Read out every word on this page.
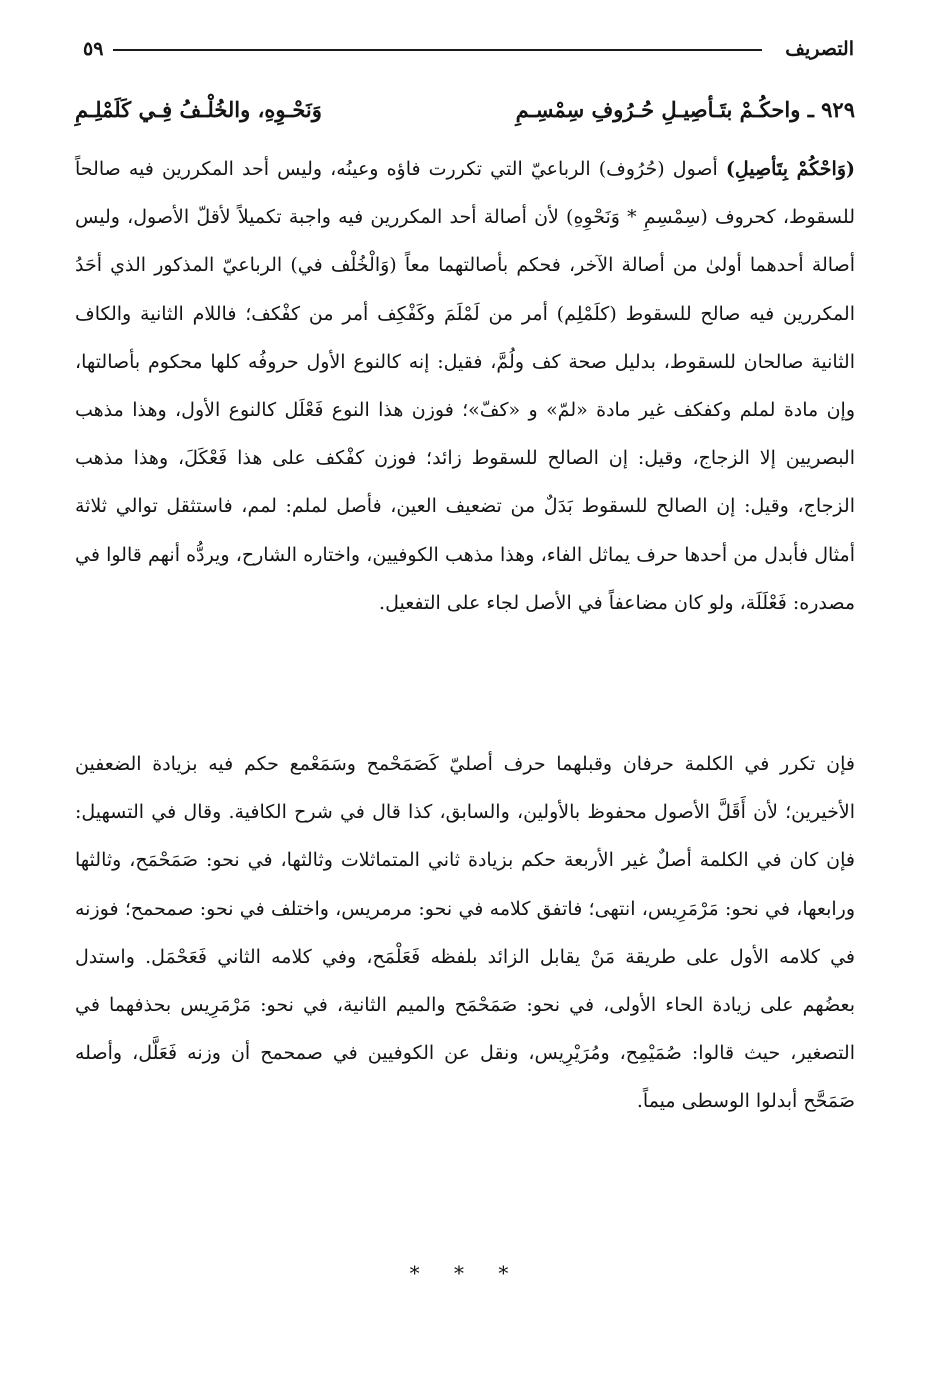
التصريف
٥٩
٩٢٩ ـ واحكُـمْ بتَـأصِيـلِ حُـرُوفِ سِمْسِـمِ
وَنَحْـوِهِ، والخُلْـفُ فِـي كَلَمْلِـمِ

(وَاحْكُمْ بِتَأصِيلِ) أصول (حُرُوف) الرباعيّ التي تكررت فاؤه وعينُه، وليس أحد المكررين فيه صالحاً للسقوط، كحروف (سِمْسِمِ * وَنَحْوِهِ) لأن أصالة أحد المكررين فيه واجبة تكميلاً لأقلّ الأصول، وليس أصالة أحدهما أولىٰ من أصالة الآخر، فحكم بأصالتهما معاً (وَالْخُلْف في) الرباعيّ المذكور الذي أحَدُ المكررين فيه صالح للسقوط (كلَمْلِم) أمر من لَمْلَمَ وكَفْكِف أمر من كفْكف؛ فاللام الثانية والكاف الثانية صالحان للسقوط، بدليل صحة كف ولُمَّ، فقيل: إنه كالنوع الأول حروفُه كلها محكوم بأصالتها، وإن مادة لملم وكفكف غير مادة «لمّ» و «كفّ»؛ فوزن هذا النوع فَعْلَل كالنوع الأول، وهذا مذهب البصريين إلا الزجاج، وقيل: إن الصالح للسقوط زائد؛ فوزن كفْكف على هذا فَعْكَلَ، وهذا مذهب الزجاج، وقيل: إن الصالح للسقوط بَدَلٌ من تضعيف العين، فأصل لملم: لمم، فاستثقل توالي ثلاثة أمثال فأبدل من أحدها حرف يماثل الفاء، وهذا مذهب الكوفيين، واختاره الشارح، ويردُّه أنهم قالوا في مصدره: فَعْلَلَة، ولو كان مضاعفاً في الأصل لجاء على التفعيل.

فإن تكرر في الكلمة حرفان وقبلهما حرف أصليّ كَصَمَحْمح وسَمَعْمع حكم فيه بزيادة الضعفين الأخيرين؛ لأن أَقَلَّ الأصول محفوظ بالأولين، والسابق، كذا قال في شرح الكافية. وقال في التسهيل: فإن كان في الكلمة أصلٌ غير الأربعة حكم بزيادة ثاني المتماثلات وثالثها، في نحو: صَمَحْمَح، وثالثها ورابعها، في نحو: مَرْمَرِيس، انتهى؛ فاتفق كلامه في نحو: مرمريس، واختلف في نحو: صمحمح؛ فوزنه في كلامه الأول على طريقة مَنْ يقابل الزائد بلفظه فَعَلْمَح، وفي كلامه الثاني فَعَحْمَل. واستدل بعضُهم على زيادة الحاء الأولى، في نحو: صَمَحْمَح والميم الثانية، في نحو: مَرْمَرِيس بحذفهما في التصغير، حيث قالوا: صُمَيْمِح، ومُرَيْرِيس، ونقل عن الكوفيين في صمحمح أن وزنه فَعَلَّل، وأصله صَمَحَّح أبدلوا الوسطى ميماً.

* * *
